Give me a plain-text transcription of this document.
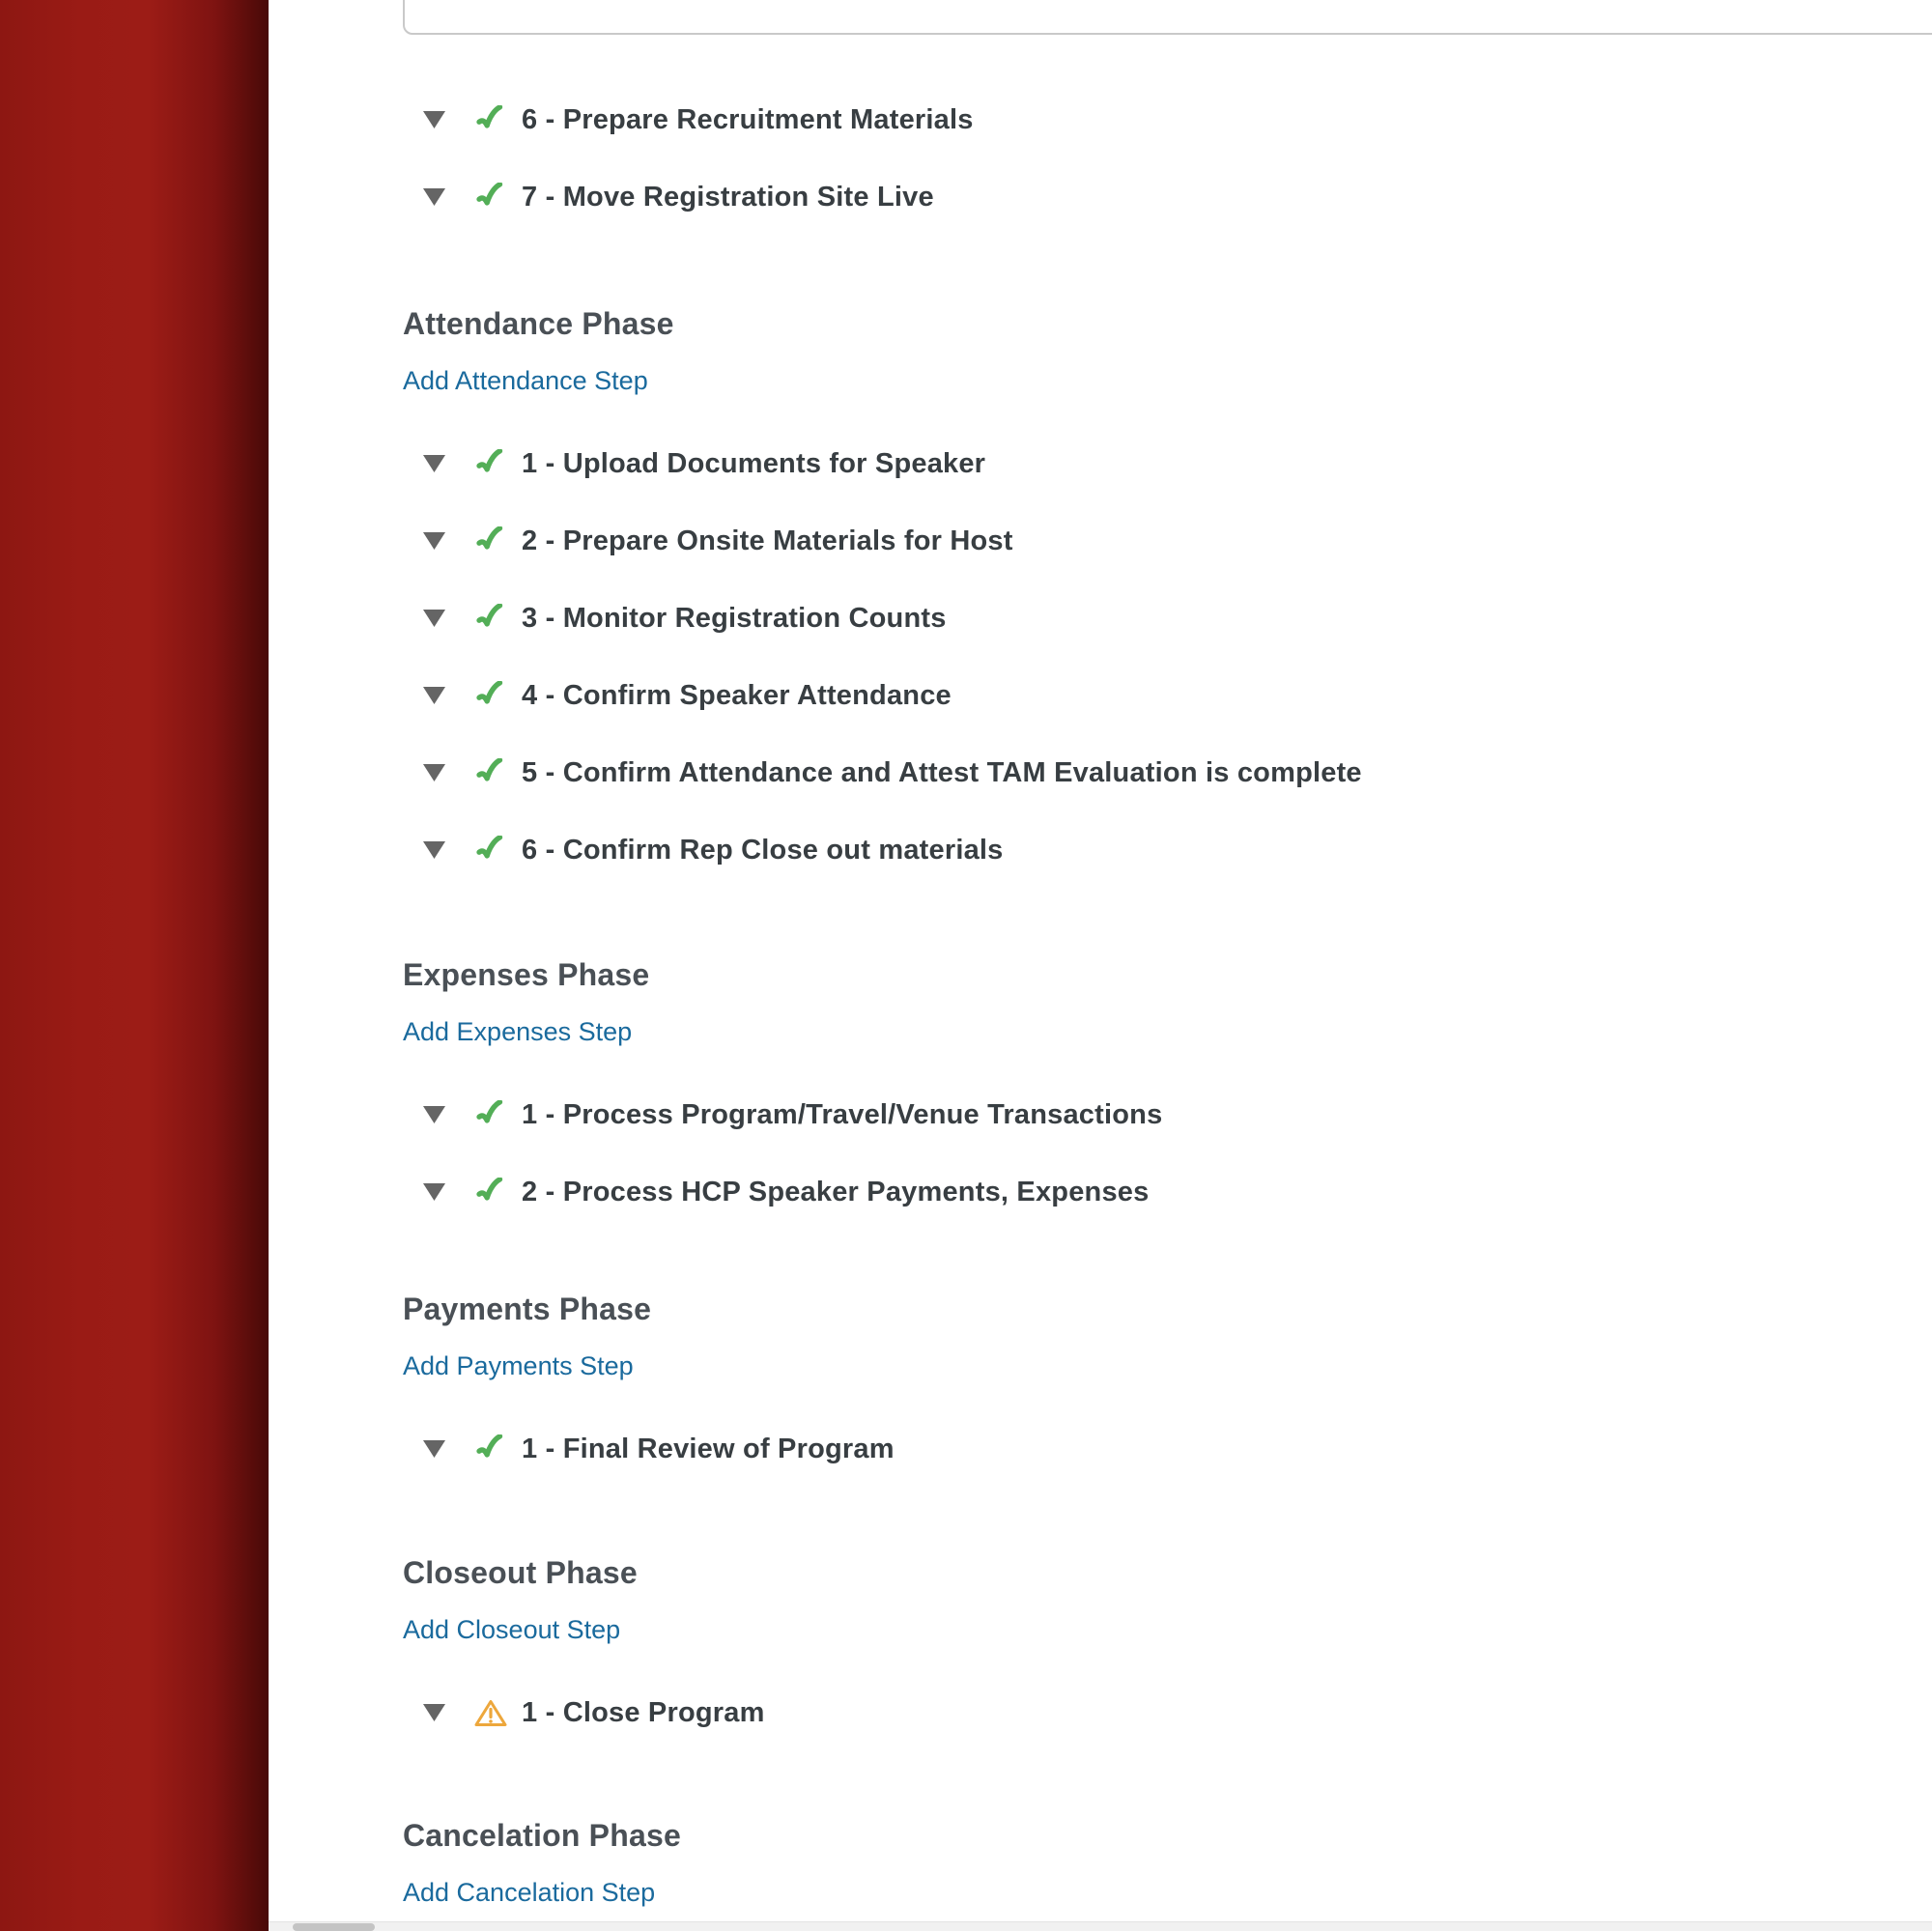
6 - Prepare Recruitment Materials
7 - Move Registration Site Live
Attendance Phase
Add Attendance Step
1 - Upload Documents for Speaker
2 - Prepare Onsite Materials for Host
3 - Monitor Registration Counts
4 - Confirm Speaker Attendance
5 - Confirm Attendance and Attest TAM Evaluation is complete
6 - Confirm Rep Close out materials
Expenses Phase
Add Expenses Step
1 - Process Program/Travel/Venue Transactions
2 - Process HCP Speaker Payments, Expenses
Payments Phase
Add Payments Step
1 - Final Review of Program
Closeout Phase
Add Closeout Step
1 - Close Program
Cancelation Phase
Add Cancelation Step
